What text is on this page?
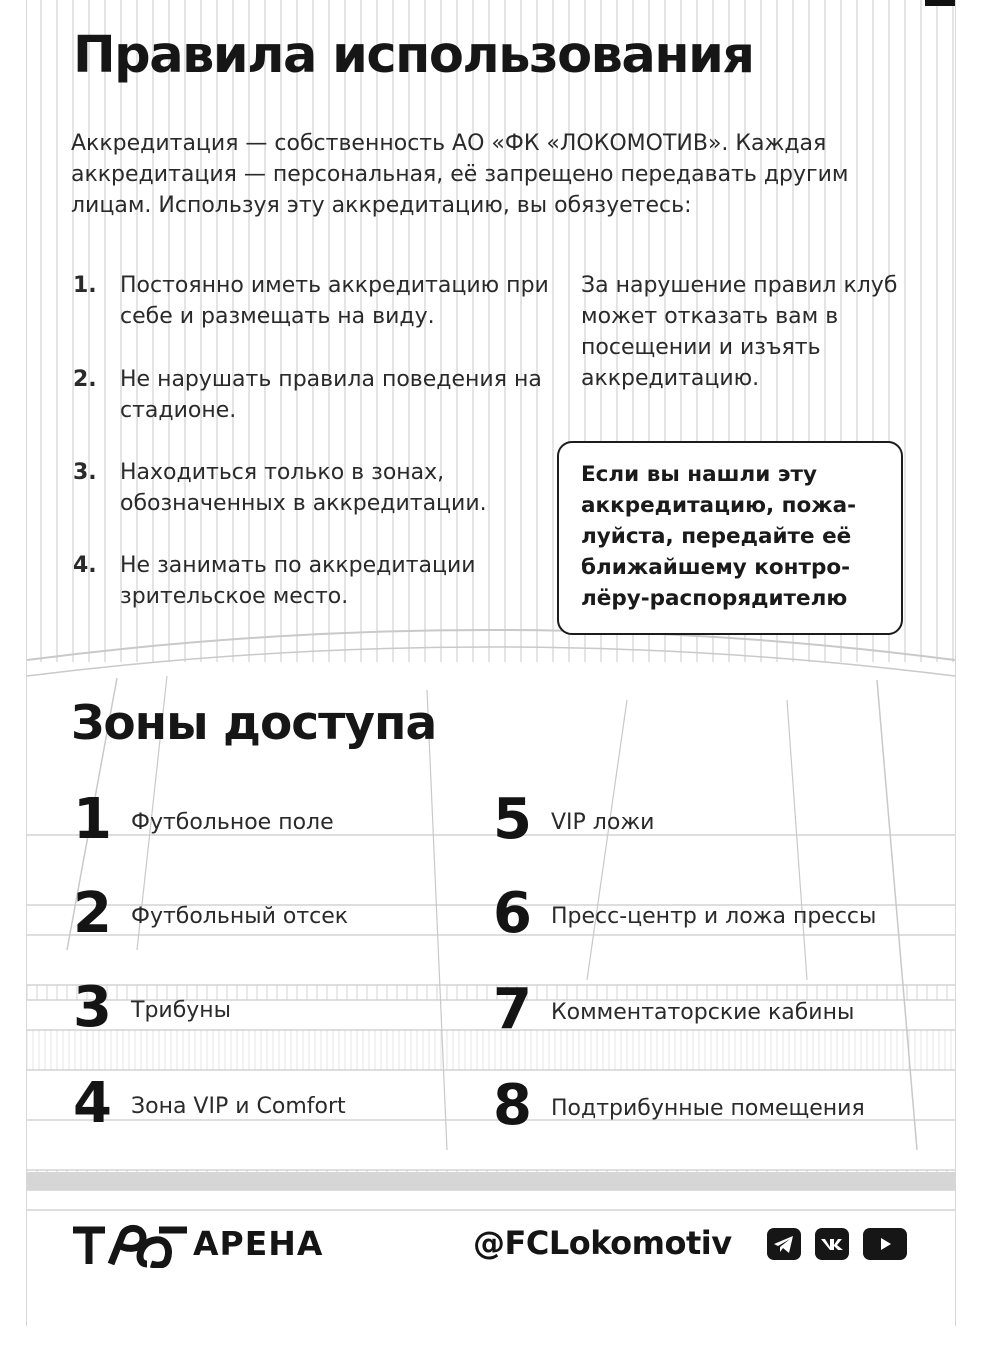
Правила использования
Аккредитация — собственность АО «ФК «ЛОКОМОТИВ». Каждая аккредитация — персональная, её запрещено передавать другим лицам. Используя эту аккредитацию, вы обязуетесь:
1. Постоянно иметь аккредитацию при себе и размещать на виду.
2. Не нарушать правила поведения на стадионе.
3. Находиться только в зонах, обозначенных в аккредитации.
4. Не занимать по аккредитации зрительское место.
За нарушение правил клуб может отказать вам в посещении и изъять аккредитацию.
Если вы нашли эту аккредитацию, пожа-луйста, передайте её ближайшему контро-лёру-распорядителю
Зоны доступа
1 Футбольное поле
2 Футбольный отсек
3 Трибуны
4 Зона VIP и Comfort
5 VIP ложи
6 Пресс-центр и ложа прессы
7 Комментаторские кабины
8 Подтрибунные помещения
АРЕНА	@FCLokomotiv
